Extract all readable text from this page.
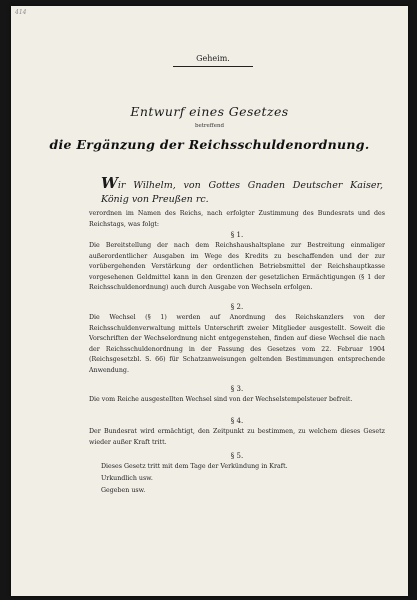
414
Geheim.
Entwurf eines Gesetzes
betreffend
die Ergänzung der Reichsschuldenordnung.
Wir Wilhelm, von Gottes Gnaden Deutscher Kaiser, König von Preußen rc.
verordnen im Namen des Reichs, nach erfolgter Zustimmung des Bundesrats und des Reichstags, was folgt:
§ 1.
Die Bereitstellung der nach dem Reichshaushaltsplane zur Bestreitung einmaliger außerordentlicher Ausgaben im Wege des Kredits zu beschaffenden und der zur vorübergehenden Verstärkung der ordentlichen Betriebsmittel der Reichshauptkasse vorgesehenen Geldmittel kann in den Grenzen der gesetzlichen Ermächtigungen (§ 1 der Reichsschuldenordnung) auch durch Ausgabe von Wechseln erfolgen.
§ 2.
Die Wechsel (§ 1) werden auf Anordnung des Reichskanzlers von der Reichsschuldenverwaltung mittels Unterschrift zweier Mitglieder ausgestellt. Soweit die Vorschriften der Wechselordnung nicht entgegenstehen, finden auf diese Wechsel die nach der Reichsschuldenordnung in der Fassung des Gesetzes vom 22. Februar 1904 (Reichsgesetzbl. S. 66) für Schatzanweisungen geltenden Bestimmungen entsprechende Anwendung.
§ 3.
Die vom Reiche ausgestellten Wechsel sind von der Wechselstempelsteuer befreit.
§ 4.
Der Bundesrat wird ermächtigt, den Zeitpunkt zu bestimmen, zu welchem dieses Gesetz wieder außer Kraft tritt.
§ 5.
Dieses Gesetz tritt mit dem Tage der Verkündung in Kraft.
Urkundlich usw.
Gegeben usw.
